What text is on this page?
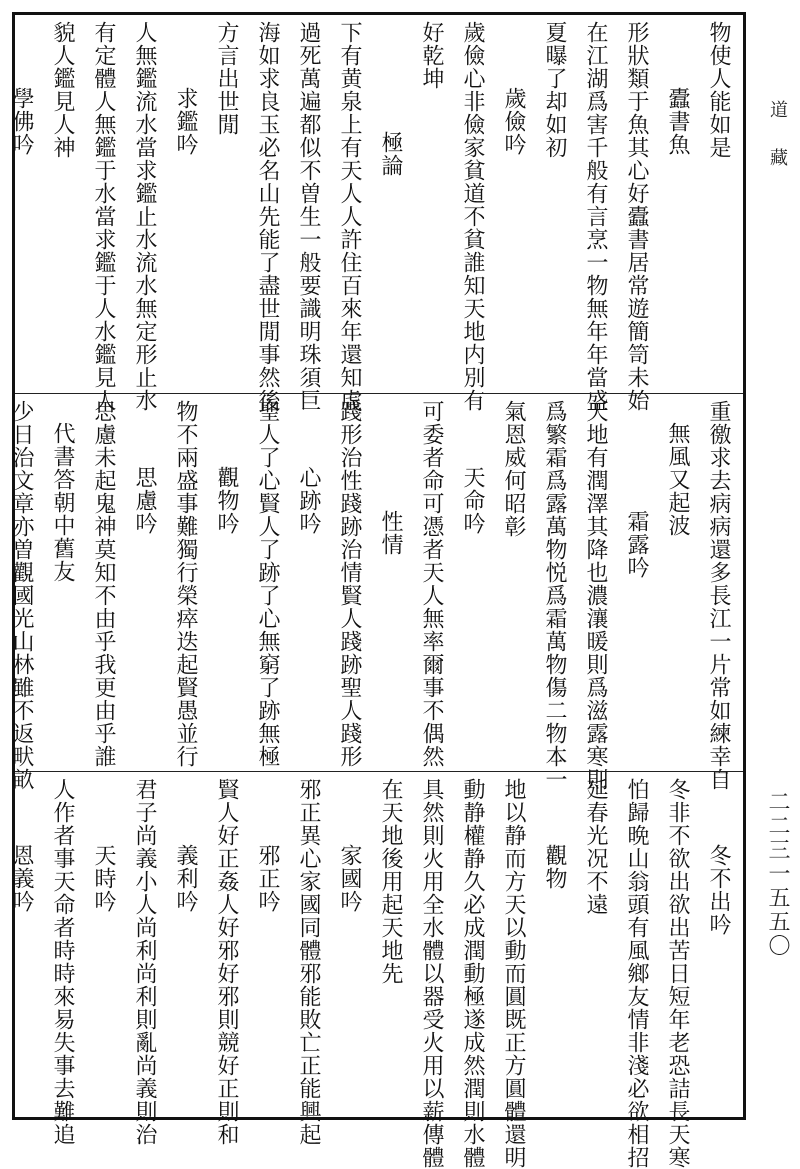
物使人能如是
蠹書魚
形狀類于魚其心好蠹書居常遊簡笥未始
在江湖爲害千般有言烹一物無年年當盛
夏曝了却如初
歲儉吟
歲儉心非儉家貧道不貧誰知天地内別有
好乾坤
極論
下有黄泉上有天人人許住百來年還知虛
過死萬遍都似不曽生一般要識明珠須巨
海如求良玉必名山先能了盡世閒事然後
方言出世閒
求鑑吟
人無鑑流水當求鑑止水流水無定形止水
有定體人無鑑于水當求鑑于人水鑑見人
貌人鑑見人神
學佛吟
重徼求去病病還多長江一片常如練幸自
無風又起波
霜露吟
天地有潤澤其降也濃瀼暖則爲滋露寒則
爲繁霜爲露萬物悦爲霜萬物傷二物本一
氣恩威何昭彰
天命吟
可委者命可憑者天人無率爾事不偶然
性情
踐形治性踐跡治情賢人踐跡聖人踐形
心跡吟
聖人了心賢人了跡了心無窮了跡無極
觀物吟
物不兩盛事難獨行榮瘁迭起賢愚並行
思慮吟
思慮未起鬼神莫知不由乎我更由乎誰
代書答朝中舊友
少日治文章亦曽觀國光山林雖不返畎畝
冬不出吟
冬非不欲出欲出苦日短年老恐詰長天寒
怕歸晩山翁頭有風鄉友情非淺必欲相招
延春光况不遠
觀物
地以静而方天以動而圓既正方圓體還明
動静權静久必成潤動極遂成然潤則水體
具然則火用全水體以器受火用以薪傳體
在天地後用起天地先
家國吟
邪正異心家國同體邪能敗亡正能興起
邪正吟
賢人好正姦人好邪好邪則競好正則和
義利吟
君子尚義小人尚利尚利則亂尚義則治
天時吟
人作者事天命者時時來易失事去難追
恩義吟
道藏
二二三一五五〇
